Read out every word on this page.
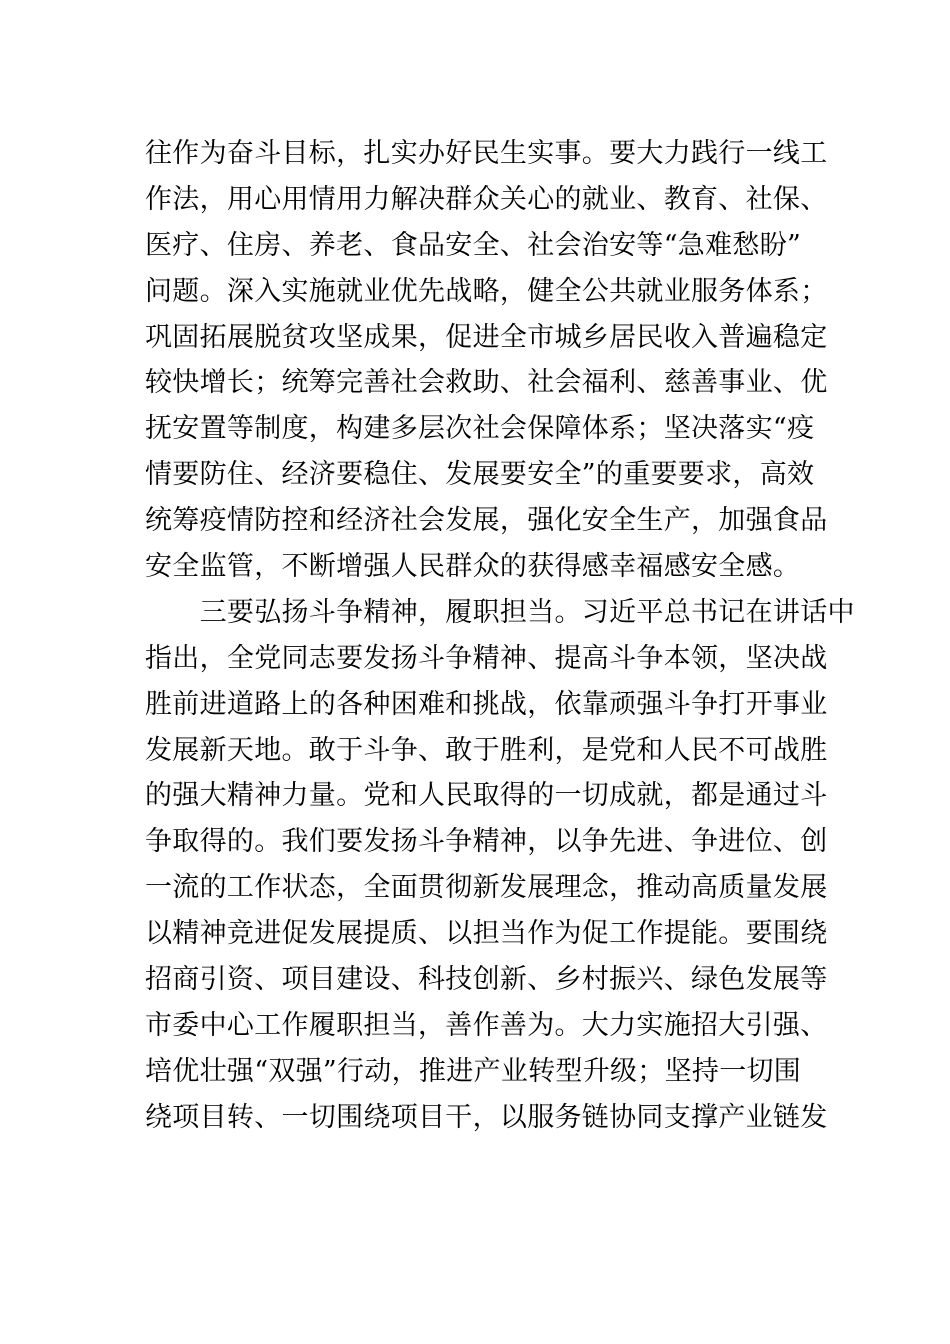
往作为奋斗目标，扎实办好民生实事。要大力践行一线工
作法，用心用情用力解决群众关心的就业、教育、社保、
医疗、住房、养老、食品安全、社会治安等“急难愁盼”
问题。深入实施就业优先战略，健全公共就业服务体系；
巩固拓展脱贫攻坚成果，促进全市城乡居民收入普遍稳定
较快增长；统筹完善社会救助、社会福利、慈善事业、优
抚安置等制度，构建多层次社会保障体系；坚决落实“疫
情要防住、经济要稳住、发展要安全”的重要要求，高效
统筹疫情防控和经济社会发展，强化安全生产，加强食品
安全监管，不断增强人民群众的获得感幸福感安全感。
　　三要弘扬斗争精神，履职担当。习近平总书记在讲话中
指出，全党同志要发扬斗争精神、提高斗争本领，坚决战
胜前进道路上的各种困难和挑战，依靠顽强斗争打开事业
发展新天地。敢于斗争、敢于胜利，是党和人民不可战胜
的强大精神力量。党和人民取得的一切成就，都是通过斗
争取得的。我们要发扬斗争精神，以争先进、争进位、创
一流的工作状态，全面贯彻新发展理念，推动高质量发展
以精神竞进促发展提质、以担当作为促工作提能。要围绕
招商引资、项目建设、科技创新、乡村振兴、绿色发展等
市委中心工作履职担当，善作善为。大力实施招大引强、
培优壮强“双强”行动，推进产业转型升级；坚持一切围
绕项目转、一切围绕项目干，以服务链协同支撑产业链发
